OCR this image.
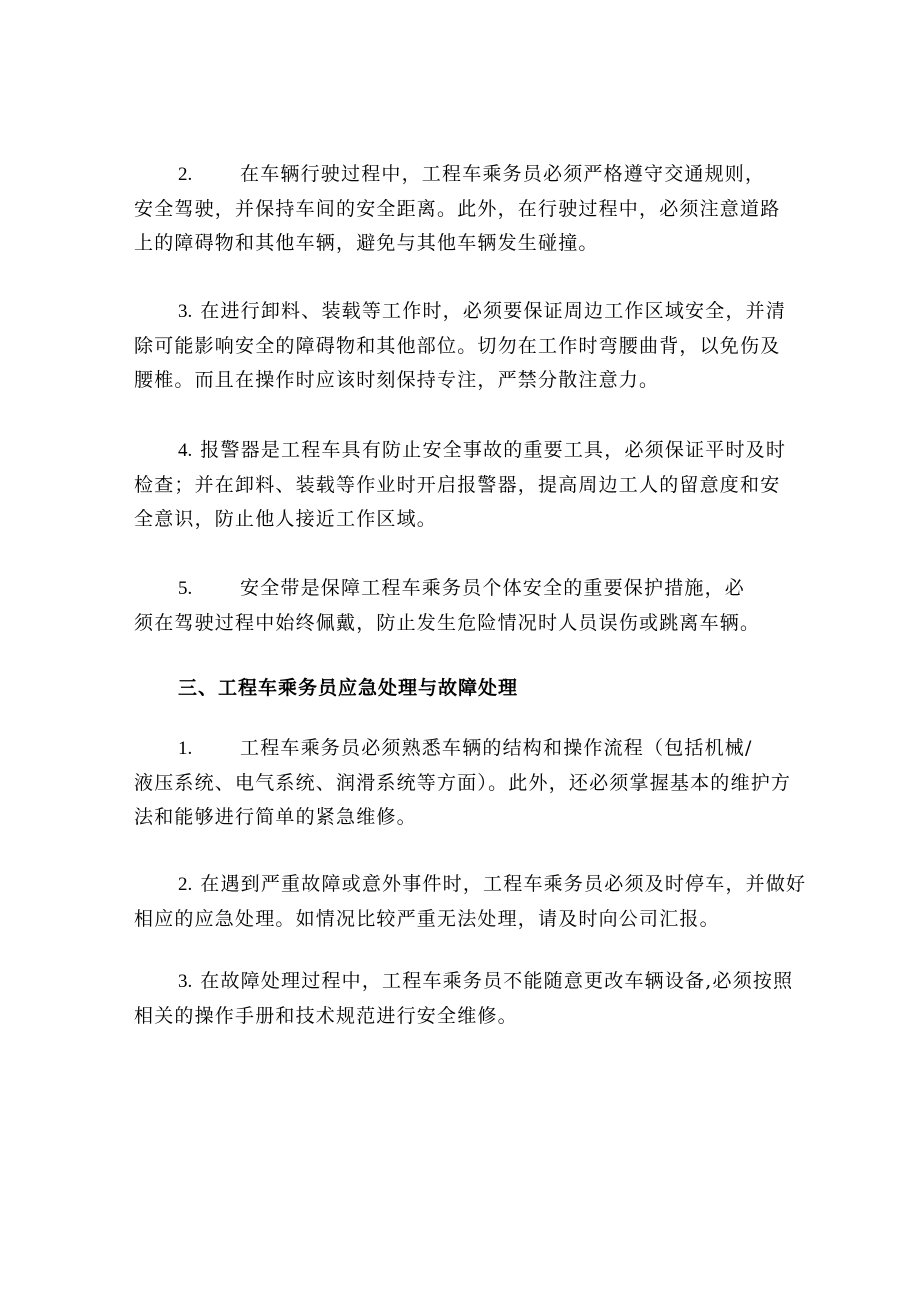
2.	在车辆行驶过程中，工程车乘务员必须严格遵守交通规则，
安全驾驶，并保持车间的安全距离。此外，在行驶过程中，必须注意道路上的障碍物和其他车辆，避免与其他车辆发生碰撞。

3. 在进行卸料、装载等工作时，必须要保证周边工作区域安全，并清
除可能影响安全的障碍物和其他部位。切勿在工作时弯腰曲背，以免伤及腰椎。而且在操作时应该时刻保持专注，严禁分散注意力。

4. 报警器是工程车具有防止安全事故的重要工具，必须保证平时及时
检查；并在卸料、装载等作业时开启报警器，提高周边工人的留意度和安全意识，防止他人接近工作区域。

5.	安全带是保障工程车乘务员个体安全的重要保护措施，必
须在驾驶过程中始终佩戴，防止发生危险情况时人员误伤或跳离车辆。

三、工程车乘务员应急处理与故障处理

1.	工程车乘务员必须熟悉车辆的结构和操作流程（包括机械/
液压系统、电气系统、润滑系统等方面）。此外，还必须掌握基本的维护方法和能够进行简单的紧急维修。

2. 在遇到严重故障或意外事件时，工程车乘务员必须及时停车，并做好
相应的应急处理。如情况比较严重无法处理，请及时向公司汇报。

3. 在故障处理过程中，工程车乘务员不能随意更改车辆设备,必须按照
相关的操作手册和技术规范进行安全维修。
